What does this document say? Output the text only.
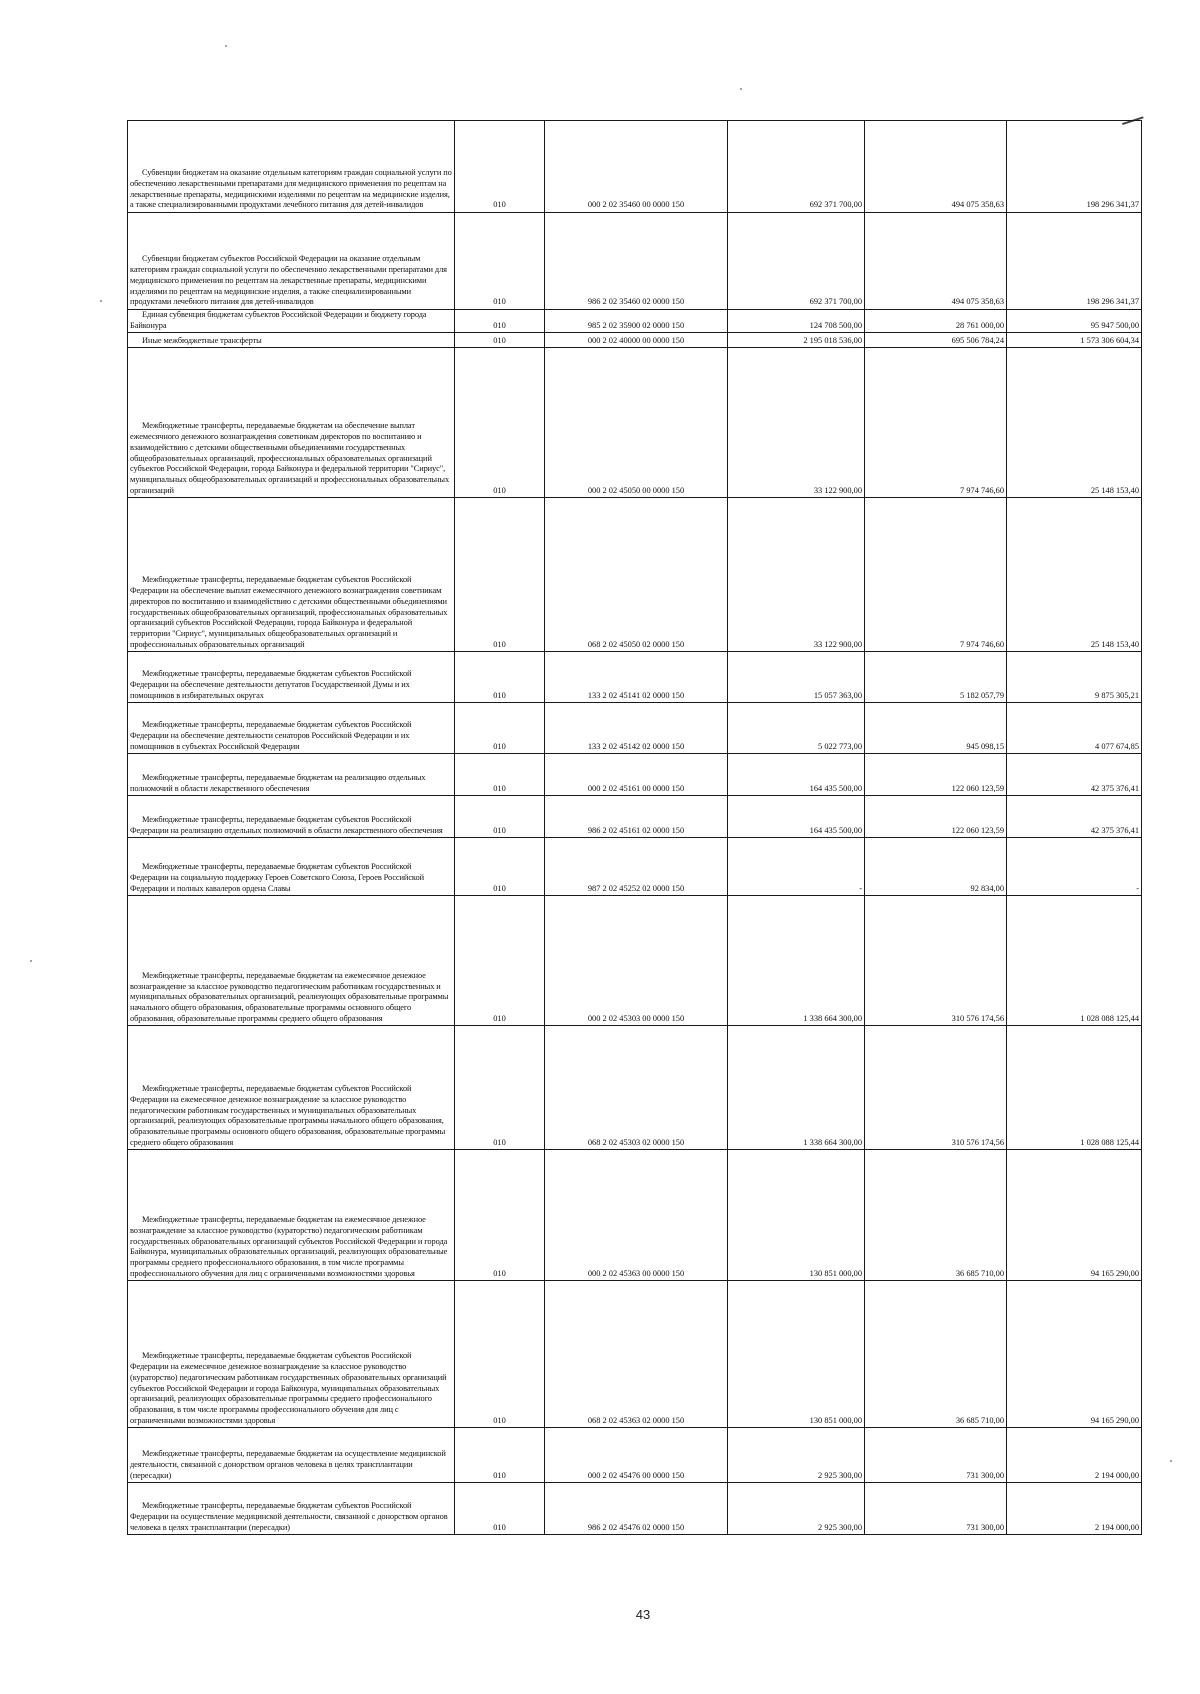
Субвенции бюджетам на оказание отдельным категориям граждан социальной услуги по обеспечению лекарственными препаратами для медицинского применения по рецептам на лекарственные препараты, медицинскими изделиями по рецептам на медицинские изделия, а также специализированными продуктами лечебного питания для детей-инвалидов	010	000 2 02 35460 00 0000 150	692 371 700,00	494 075 358,63	198 296 341,37
Субвенции бюджетам субъектов Российской Федерации на оказание отдельным категориям граждан социальной услуги по обеспечению лекарственными препаратами для медицинского применения по рецептам на лекарственные препараты, медицинскими изделиями по рецептам на медицинские изделия, а также специализированными продуктами лечебного питания для детей-инвалидов	010	986 2 02 35460 02 0000 150	692 371 700,00	494 075 358,63	198 296 341,37
Единая субвенция бюджетам субъектов Российской Федерации и бюджету города Байконура	010	985 2 02 35900 02 0000 150	124 708 500,00	28 761 000,00	95 947 500,00
Иные межбюджетные трансферты	010	000 2 02 40000 00 0000 150	2 195 018 536,00	695 506 784,24	1 573 306 604,34
Межбюджетные трансферты, передаваемые бюджетам на обеспечение выплат ежемесячного денежного вознаграждения советникам директоров по воспитанию и взаимодействию с детскими общественными объединениями государственных общеобразовательных организаций, профессиональных образовательных организаций субъектов Российской Федерации, города Байконура и федеральной территории "Сириус", муниципальных общеобразовательных организаций и профессиональных образовательных организаций	010	000 2 02 45050 00 0000 150	33 122 900,00	7 974 746,60	25 148 153,40
Межбюджетные трансферты, передаваемые бюджетам субъектов Российской Федерации на обеспечение выплат ежемесячного денежного вознаграждения советникам директоров по воспитанию и взаимодействию с детскими общественными объединениями государственных общеобразовательных организаций, профессиональных образовательных организаций субъектов Российской Федерации, города Байконура и федеральной территории "Сириус", муниципальных общеобразовательных организаций и профессиональных образовательных организаций	010	068 2 02 45050 02 0000 150	33 122 900,00	7 974 746,60	25 148 153,40
Межбюджетные трансферты, передаваемые бюджетам субъектов Российской Федерации на обеспечение деятельности депутатов Государственной Думы и их помощников в избирательных округах	010	133 2 02 45141 02 0000 150	15 057 363,00	5 182 057,79	9 875 305,21
Межбюджетные трансферты, передаваемые бюджетам субъектов Российской Федерации на обеспечение деятельности сенаторов Российской Федерации и их помощников в субъектах Российской Федерации	010	133 2 02 45142 02 0000 150	5 022 773,00	945 098,15	4 077 674,85
Межбюджетные трансферты, передаваемые бюджетам на реализацию отдельных полномочий в области лекарственного обеспечения	010	000 2 02 45161 00 0000 150	164 435 500,00	122 060 123,59	42 375 376,41
Межбюджетные трансферты, передаваемые бюджетам субъектов Российской Федерации на реализацию отдельных полномочий в области лекарственного обеспечения	010	986 2 02 45161 02 0000 150	164 435 500,00	122 060 123,59	42 375 376,41
Межбюджетные трансферты, передаваемые бюджетам субъектов Российской Федерации на социальную поддержку Героев Советского Союза, Героев Российской Федерации и полных кавалеров ордена Славы	010	987 2 02 45252 02 0000 150	-	92 834,00	-
Межбюджетные трансферты, передаваемые бюджетам на ежемесячное денежное вознаграждение за классное руководство педагогическим работникам государственных и муниципальных образовательных организаций, реализующих образовательные программы начального общего образования, образовательные программы основного общего образования, образовательные программы среднего общего образования	010	000 2 02 45303 00 0000 150	1 338 664 300,00	310 576 174,56	1 028 088 125,44
Межбюджетные трансферты, передаваемые бюджетам субъектов Российской Федерации на ежемесячное денежное вознаграждение за классное руководство педагогическим работникам государственных и муниципальных образовательных организаций, реализующих образовательные программы начального общего образования, образовательные программы основного общего образования, образовательные программы среднего общего образования	010	068 2 02 45303 02 0000 150	1 338 664 300,00	310 576 174,56	1 028 088 125,44
Межбюджетные трансферты, передаваемые бюджетам на ежемесячное денежное вознаграждение за классное руководство (кураторство) педагогическим работникам государственных образовательных организаций субъектов Российской Федерации и города Байконура, муниципальных образовательных организаций, реализующих образовательные программы среднего профессионального образования, в том числе программы профессионального обучения для лиц с ограниченными возможностями здоровья	010	000 2 02 45363 00 0000 150	130 851 000,00	36 685 710,00	94 165 290,00
Межбюджетные трансферты, передаваемые бюджетам субъектов Российской Федерации на ежемесячное денежное вознаграждение за классное руководство (кураторство) педагогическим работникам государственных образовательных организаций субъектов Российской Федерации и города Байконура, муниципальных образовательных организаций, реализующих образовательные программы среднего профессионального образования, в том числе программы профессионального обучения для лиц с ограниченными возможностями здоровья	010	068 2 02 45363 02 0000 150	130 851 000,00	36 685 710,00	94 165 290,00
Межбюджетные трансферты, передаваемые бюджетам на осуществление медицинской деятельности, связанной с донорством органов человека в целях трансплантации (пересадки)	010	000 2 02 45476 00 0000 150	2 925 300,00	731 300,00	2 194 000,00
Межбюджетные трансферты, передаваемые бюджетам субъектов Российской Федерации на осуществление медицинской деятельности, связанной с донорством органов человека в целях трансплантации (пересадки)	010	986 2 02 45476 02 0000 150	2 925 300,00	731 300,00	2 194 000,00
43
